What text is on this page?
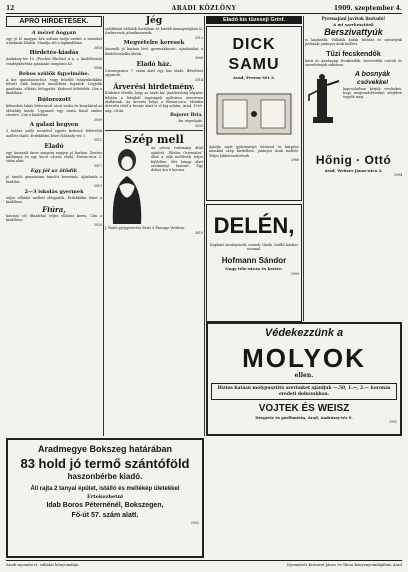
12	ARADI KÖZLÖNY	1909. szeptember 4.
APRÓ HIRDETÉSEK.
A mézet hogyan
egy jó ló magyar kéz soltani tudja ezeket a mézeket iratoknak állatok. Mondja elő a lapkiadóban.
3016
Hirdetés-kiadás
Andrássy-tér 10. (Fischer Bla-ház) A u. s. kiadóhivatal vendégkávéház ajánlatait sürgősen 43.
3008
Bebos szülők figyelmébe.
A kir. gimnázium-hoz, vagy felsőbb leányiskolákba felvett diák leányok tanulóként fogadok. Legjobb gondozás, ellátás, felügyelet. Kedvező feltételek. Cím a kiadóban.
Bútorozott
kétszobás lakás bútorozott utcai szoba és konyhával az elősztály kiadó. Ugyanott egy tiszta fiatal ember részére. Cím a kiadóban.
3009
A galaxi hegyen
5 holdas szőlő termővel együtt kedvező feltételek mellett eladó. Érdeklődni lehet Nádasdy-tér 3.
3011
Eladó
egy használt faros zongora nagyon jó karban. Zenész gázlámpa és egy kocsi olcsón eladó. Forrás-utca 2. szám alatt.
3017
Egy jól az ötödik
jó tanuló gimnázium tanulót keresünk. Ajánlatok a kiadóba.
3019
2—3 iskolás gyermek
teljes ellátást mellett elfogadok. Érdeklődni lehet a kiadóban.
Fiúra,
katonai cél (Bazárba) teljes ellátást keres. Cím a kiadóban.
3020
Jég
szállítását vállalok hordóban és kisebb mennyiségben is. Szekeresek jelentkezzenek.
3012
Megvételre keresek
használt jó karban lévő gyermekkocsit. Ajánlatokat a kiadóhivatalba kérek.
3006
Eladó ház.
Csemegeutca 7. szám alatt egy ház eladó. Bővebbet ugyanott.
3014
Árverési hirdetmény.
Közhírré tétetik, hogy az aradi kir. járásbíróság végzése folytán a lefoglalt ingóságok nyilvános árverésen eladatnak. Az árverés helye a Bézsai-utca. Minden árverési tétel a becsár alatt is el fog adatni. Arad, 1909. aug. 28-án.
Bajorer Bria.
kir. végrehajtó.
3005
Szép mell
Az orvosi tudomány által ajánlott „Pilules Orientales” által a nők mellének teljes fejlődése. Két hónap alatt eredményt biztosít. Egy doboz ára 6 korona.
J. Ratié gyógyszerész Paris 5 Passage Verdeau.
3010
Eladó kis tüzeseji Grinf.
DICK SAMU
Arad, Ferenc-tér 2.
Ajánlja saját gyártmányú bútorait és kárpitos munkáit szép kivitelben, jutányos árak mellett. Teljes lakberendezések.
2988
DELÉN,
Kapható ásványvizek, szenek, tűzifa. Szállít házhoz azonnal.
Hofmann Sándor
Nagy tele-utcza és kertre.
2999
Pyrenajánl javítok lisztadó!
A mi szerkesztőnk
Berszivattyúk
is kaphatók. Vállalok kutak fúrását és szivattyúk javítását jutányos árak mellett.
Tűzi fecskendők
kerti és gazdasági fecskendők, vízvezetéki csövek és szerelvények raktáron.
A bosnyák
csövekkel
kapcsolatban kérjük vevőinket, hogy megrendeléseiket idejében tegyék meg.
Hőnig · Ottó
Arad, Weitzer János-utca 2.
2994
Védekezzünk a
MOLYOK
ellen.
Biztos hatású molypusztító szerünket ajánljuk —.50, 1.—, 2.— koronás eredeti dobozokban.
VOJTEK ÉS WEISZ
Drogerie és parfüméria, Arad, Andrássy-tér 9.
2991
Aradmegye Bokszeg határában
83 hold jó termő szántóföld
haszonbérbe kiadó.
Áll rajta 2 tanyai épület, istálló és mellékép ületekkel
Értekezhetni
Idab Boros Péternénél, Bokszegen,
Fő-út 57. szám alatt.
2992
Aradi nyomda rt. vállalat kőnyomdája.	Nyomatott Kurawel János és Társa könyvnyomdájában Arad
